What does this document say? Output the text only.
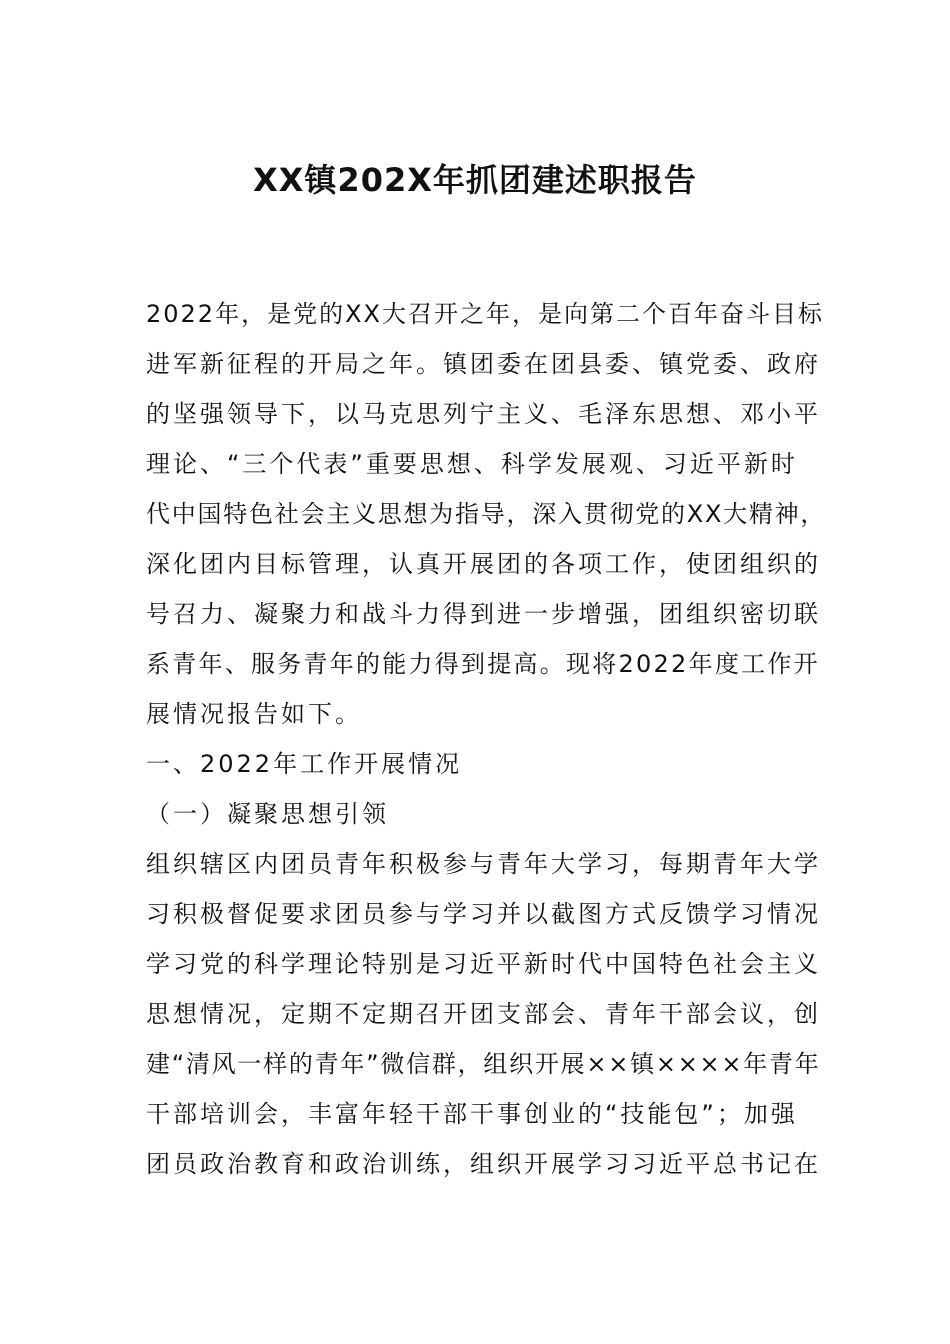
XX镇202X年抓团建述职报告
2022年，是党的XX大召开之年，是向第二个百年奋斗目标
进军新征程的开局之年。镇团委在团县委、镇党委、政府
的坚强领导下，以马克思列宁主义、毛泽东思想、邓小平
理论、“三个代表”重要思想、科学发展观、习近平新时
代中国特色社会主义思想为指导，深入贯彻党的XX大精神，
深化团内目标管理，认真开展团的各项工作，使团组织的
号召力、凝聚力和战斗力得到进一步增强，团组织密切联
系青年、服务青年的能力得到提高。现将2022年度工作开
展情况报告如下。
一、2022年工作开展情况
（一）凝聚思想引领
组织辖区内团员青年积极参与青年大学习，每期青年大学
习积极督促要求团员参与学习并以截图方式反馈学习情况
学习党的科学理论特别是习近平新时代中国特色社会主义
思想情况，定期不定期召开团支部会、青年干部会议，创
建“清风一样的青年”微信群，组织开展××镇××××年青年
干部培训会，丰富年轻干部干事创业的“技能包”；加强
团员政治教育和政治训练，组织开展学习习近平总书记在
